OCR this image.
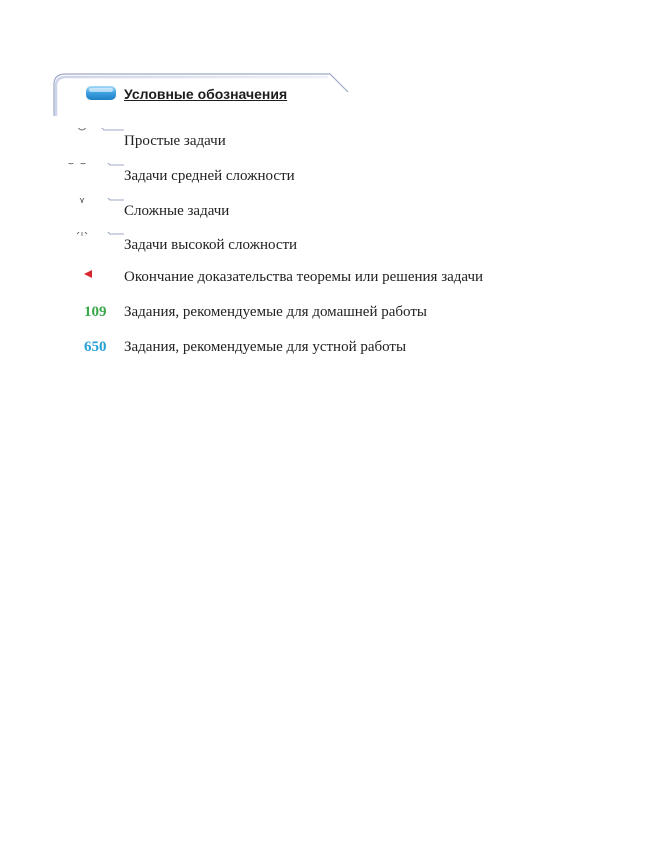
Условные обозначения
Простые задачи
Задачи средней сложности
Сложные задачи
Задачи высокой сложности
Окончание доказательства теоремы или решения задачи
109 Задания, рекомендуемые для домашней работы
650 Задания, рекомендуемые для устной работы
